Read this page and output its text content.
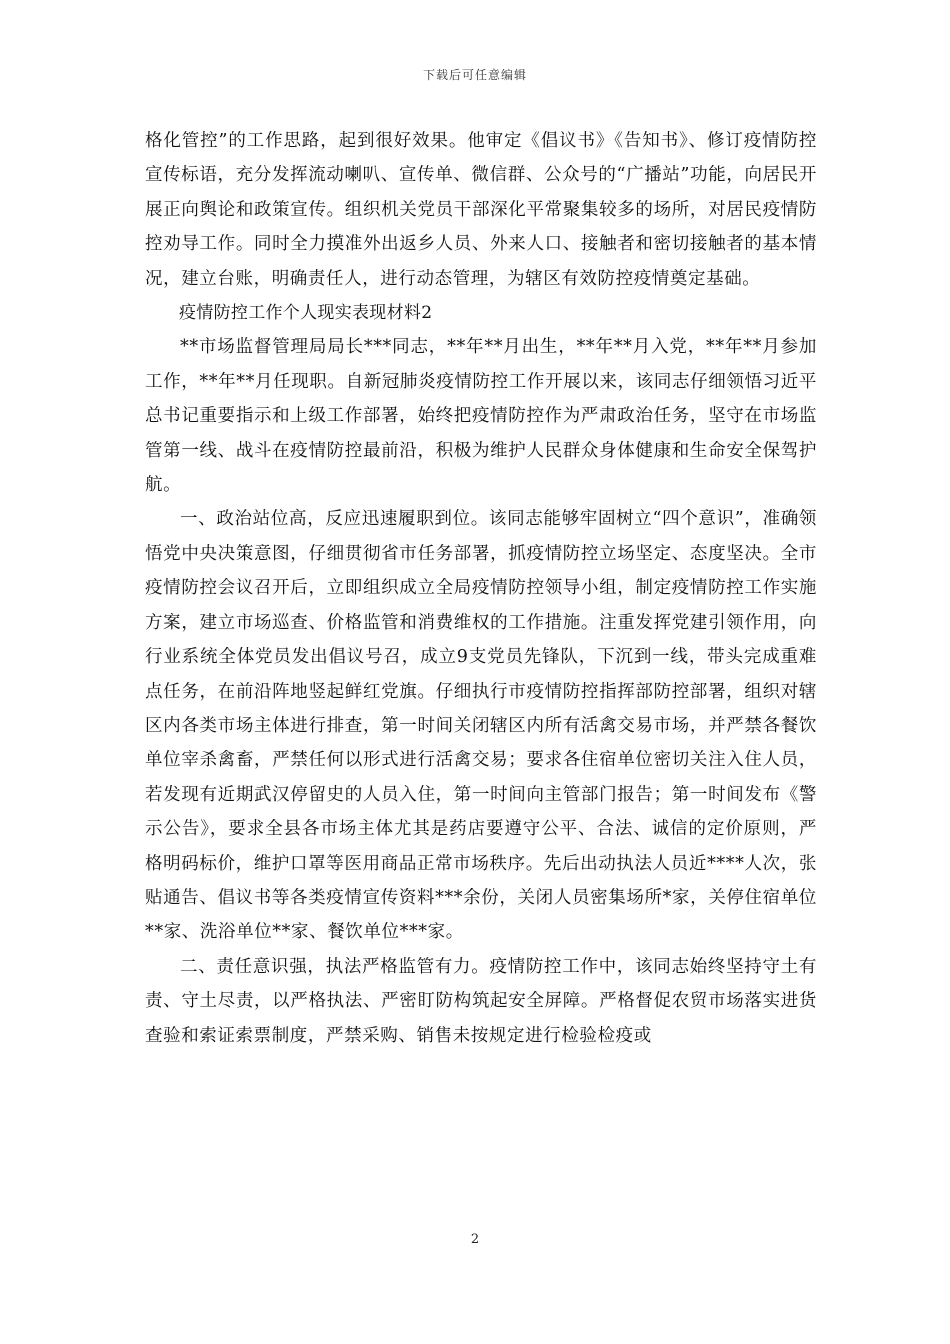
下载后可任意编辑

格化管控”的工作思路，起到很好效果。他审定《倡议书》《告知书》、修订疫情防控宣传标语，充分发挥流动喇叭、宣传单、微信群、公众号的“广播站”功能，向居民开展正向舆论和政策宣传。组织机关党员干部深化平常聚集较多的场所，对居民疫情防控劝导工作。同时全力摸准外出返乡人员、外来人口、接触者和密切接触者的基本情况，建立台账，明确责任人，进行动态管理，为辖区有效防控疫情奠定基础。

疫情防控工作个人现实表现材料2

**市场监督管理局局长***同志，**年**月出生，**年**月入党，**年**月参加工作，**年**月任现职。自新冠肺炎疫情防控工作开展以来，该同志仔细领悟习近平总书记重要指示和上级工作部署，始终把疫情防控作为严肃政治任务，坚守在市场监管第一线、战斗在疫情防控最前沿，积极为维护人民群众身体健康和生命安全保驾护航。

一、政治站位高，反应迅速履职到位。该同志能够牢固树立“四个意识”，准确领悟党中央决策意图，仔细贯彻省市任务部署，抓疫情防控立场坚定、态度坚决。全市疫情防控会议召开后，立即组织成立全局疫情防控领导小组，制定疫情防控工作实施方案，建立市场巡查、价格监管和消费维权的工作措施。注重发挥党建引领作用，向行业系统全体党员发出倡议号召，成立9支党员先锋队，下沉到一线，带头完成重难点任务，在前沿阵地竖起鲜红党旗。仔细执行市疫情防控指挥部防控部署，组织对辖区内各类市场主体进行排查，第一时间关闭辖区内所有活禽交易市场，并严禁各餐饮单位宰杀禽畜，严禁任何以形式进行活禽交易；要求各住宿单位密切关注入住人员，若发现有近期武汉停留史的人员入住，第一时间向主管部门报告；第一时间发布《警示公告》，要求全县各市场主体尤其是药店要遵守公平、合法、诚信的定价原则，严格明码标价，维护口罩等医用商品正常市场秩序。先后出动执法人员近****人次，张贴通告、倡议书等各类疫情宣传资料***余份，关闭人员密集场所*家，关停住宿单位**家、洗浴单位**家、餐饮单位***家。

二、责任意识强，执法严格监管有力。疫情防控工作中，该同志始终坚持守土有责、守土尽责，以严格执法、严密盯防构筑起安全屏障。严格督促农贸市场落实进货查验和索证索票制度，严禁采购、销售未按规定进行检验检疫或

2
